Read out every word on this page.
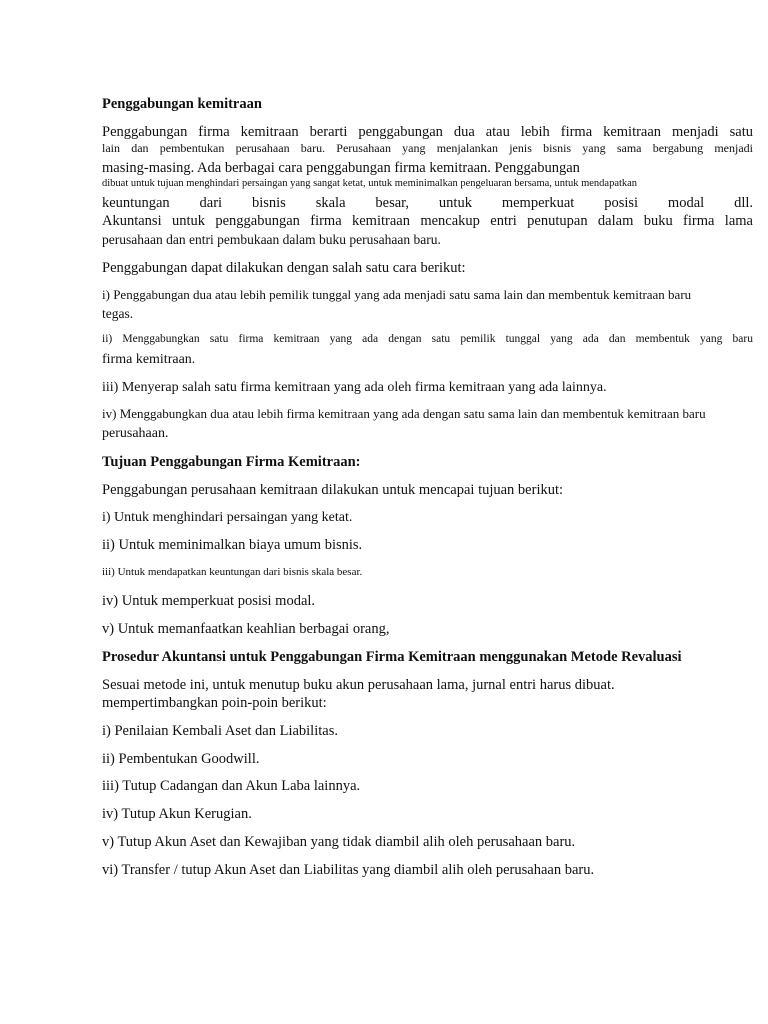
Penggabungan kemitraan

Penggabungan firma kemitraan berarti penggabungan dua atau lebih firma kemitraan menjadi satu

lain dan pembentukan perusahaan baru. Perusahaan yang menjalankan jenis bisnis yang sama bergabung menjadi

masing-masing. Ada berbagai cara penggabungan firma kemitraan. Penggabungan

dibuat untuk tujuan menghindari persaingan yang sangat ketat, untuk meminimalkan pengeluaran bersama, untuk mendapatkan

keuntungan dari bisnis skala besar, untuk memperkuat posisi modal dll.

Akuntansi untuk penggabungan firma kemitraan mencakup entri penutupan dalam buku firma lama

perusahaan dan entri pembukaan dalam buku perusahaan baru.

Penggabungan dapat dilakukan dengan salah satu cara berikut:

i) Penggabungan dua atau lebih pemilik tunggal yang ada menjadi satu sama lain dan membentuk kemitraan baru

tegas.

ii) Menggabungkan satu firma kemitraan yang ada dengan satu pemilik tunggal yang ada dan membentuk yang baru

firma kemitraan.

iii) Menyerap salah satu firma kemitraan yang ada oleh firma kemitraan yang ada lainnya.

iv) Menggabungkan dua atau lebih firma kemitraan yang ada dengan satu sama lain dan membentuk kemitraan baru

perusahaan.

Tujuan Penggabungan Firma Kemitraan:

Penggabungan perusahaan kemitraan dilakukan untuk mencapai tujuan berikut:

i) Untuk menghindari persaingan yang ketat.

ii) Untuk meminimalkan biaya umum bisnis.

iii) Untuk mendapatkan keuntungan dari bisnis skala besar.

iv) Untuk memperkuat posisi modal.

v) Untuk memanfaatkan keahlian berbagai orang,

Prosedur Akuntansi untuk Penggabungan Firma Kemitraan menggunakan Metode Revaluasi

Sesuai metode ini, untuk menutup buku akun perusahaan lama, jurnal entri harus dibuat.

mempertimbangkan poin-poin berikut:

i) Penilaian Kembali Aset dan Liabilitas.

ii) Pembentukan Goodwill.

iii) Tutup Cadangan dan Akun Laba lainnya.

iv) Tutup Akun Kerugian.

v) Tutup Akun Aset dan Kewajiban yang tidak diambil alih oleh perusahaan baru.

vi) Transfer / tutup Akun Aset dan Liabilitas yang diambil alih oleh perusahaan baru.
